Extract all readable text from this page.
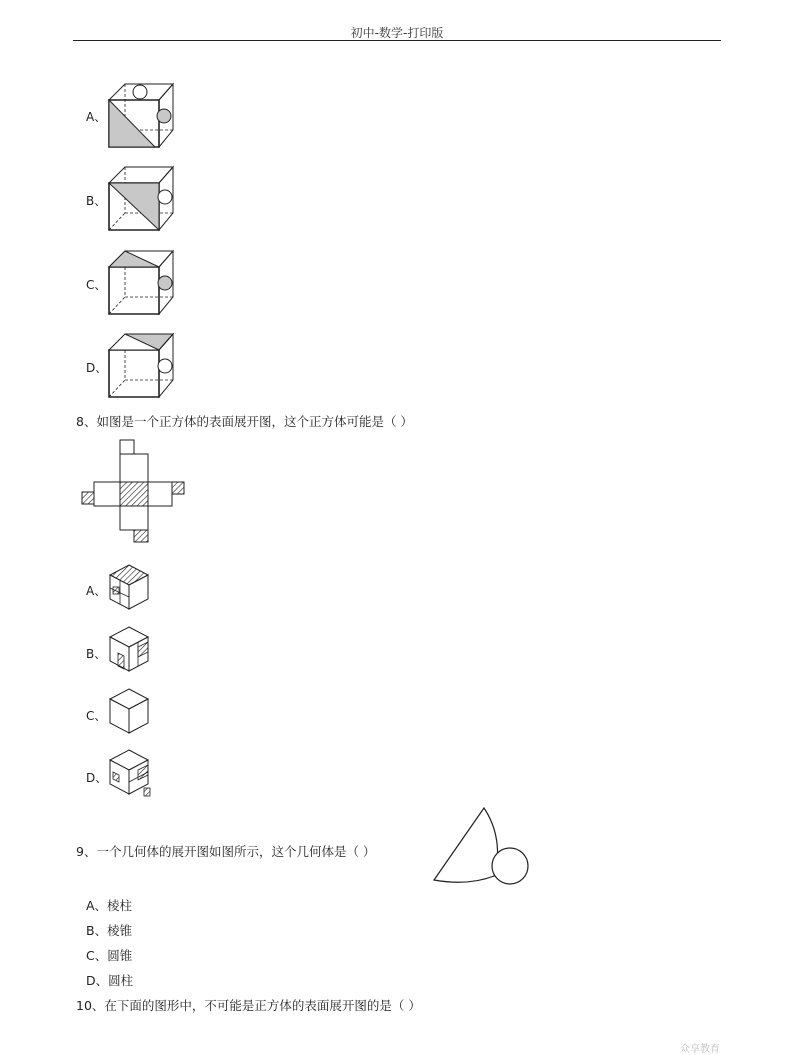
初中-数学-打印版
A、
B、
C、
D、
8、如图是一个正方体的表面展开图，这个正方体可能是（ ）
A、
B、
C、
D、
9、一个几何体的展开图如图所示，这个几何体是（ ）
A、棱柱
B、棱锥
C、圆锥
D、圆柱
10、在下面的图形中，不可能是正方体的表面展开图的是（ ）
众享教育
